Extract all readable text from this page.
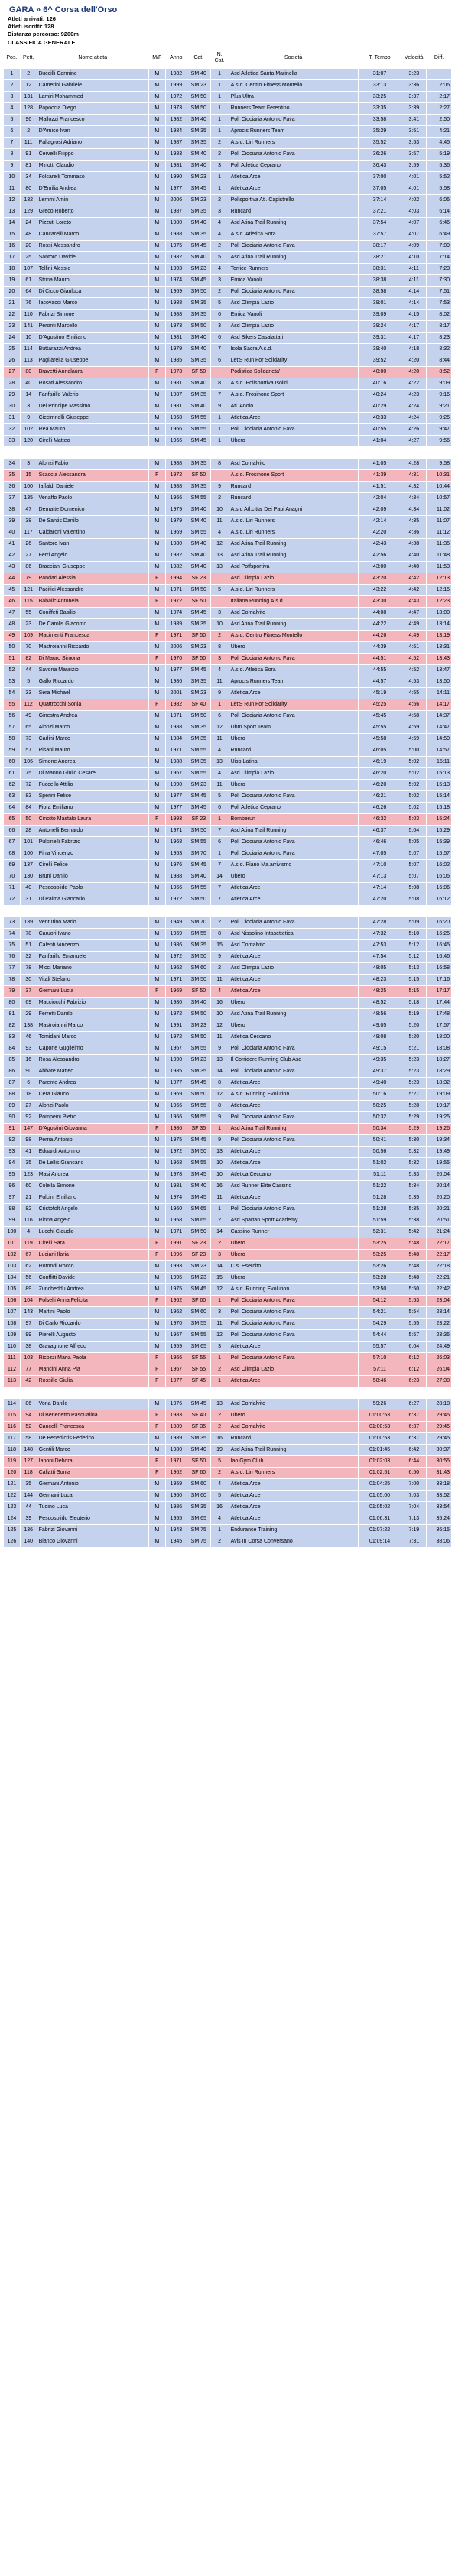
GARA » 6^ Corsa dell'Orso
Atleti arrivati: 126
Atleti iscritti: 128
Distanza percorso: 9200m
CLASSIFICA GENERALE
Pos.	Pett.	Nome atleta	M/F	Anno	Cat.	N. Cat.	Società	T. Tempo	Velocità	Diff.
1	2	Buccilli Carmine	M	1982	SM 40	1	Asd Atletica Santa Marinella	31:07	3:23	
2	12	Camerini Gabriele	M	1999	SM 23	1	A.s.d. Centro Fitness Montello	33:13	3:36	2:06
3	131	Lamiri Mohammed	M	1972	SM 50	1	Plus Ultra	33:25	3:37	2:17
4	128	Papoccia Diego	M	1973	SM 50	1	Runners Team Ferentino	33:35	3:39	2:27
5	96	Mallozzi Francesco	M	1982	SM 40	1	Pol. Ciociaria Antonio Fava	33:58	3:41	2:50
6	2	D'Amico Ivan	M	1984	SM 35	1	Aprocis Runners Team	35:29	3:51	4:21
7	111	Pallagrosi Adriano	M	1987	SM 35	2	A.s.d. Liri Runners	35:52	3:53	4:45
8	91	Cervelli Filippo	M	1983	SM 40	2	Pol. Ciociaria Antonio Fava	36:26	3:57	5:19
9	81	Minotti Claudio	M	1981	SM 40	3	Pol. Atletica Ceprano	36:43	3:59	5:36
10	34	Folcarelli Tommaso	M	1990	SM 23	1	Atletica Arce	37:00	4:01	5:52
11	80	D'Emilia Andrea	M	1977	SM 45	1	Atletica Arce	37:05	4:01	5:58
12	132	Lemmi Amin	M	2006	SM 23	2	Polisportiva Atl. Capistrello	37:14	4:02	6:06
13	129	Greco Roberto	M	1987	SM 35	3	Runcard	37:21	4:03	6:14
14	24	Pizzuti Loreto	M	1980	SM 40	4	Asd Atina Trail Running	37:54	4:07	6:46
15	48	Cancarelli Marco	M	1988	SM 35	4	A.s.d. Atletica Sora	37:57	4:07	6:49
16	20	Rossi Alessandro	M	1975	SM 45	2	Pol. Ciociaria Antonio Fava	38:17	4:09	7:09
17	25	Santoro Davide	M	1982	SM 40	5	Asd Atina Trail Running	38:21	4:10	7:14
18	107	Tellini Alessio	M	1993	SM 23	4	Torrice Runners	38:31	4:11	7:23
19	61	Strina Mauro	M	1974	SM 45	3	Ernica Vanoli	38:38	4:11	7:30
20	64	Di Cicco Gianluca	M	1969	SM 50	2	Pol. Ciociaria Antonio Fava	38:58	4:14	7:51
21	76	Iacovacci Marco	M	1988	SM 35	5	Asd Olimpia Lazio	39:01	4:14	7:53
22	110	Fabrizi Simone	M	1988	SM 35	6	Ernica Vanoli	39:09	4:15	8:02
23	141	Peronti Marcello	M	1973	SM 50	3	Asd Olimpia Lazio	39:24	4:17	8:17
24	10	D'Agostino Emiliano	M	1981	SM 40	6	Asd Bikers Casalattari	39:31	4:17	8:23
25	114	Buttarazzi Andrea	M	1979	SM 40	7	Isola Sacra A.s.d.	39:40	4:18	8:32
26	113	Pagliarella Giuseppe	M	1985	SM 35	6	Let'S Run For Solidarity	39:52	4:20	8:44
27	80	Bravetti Annalaura	F	1973	SF 50		Podistica Solidarieta'	40:00	4:20	8:52
28	40	Rosati Alessandro	M	1981	SM 40	8	A.s.d. Polisportiva Isoliri	40:16	4:22	9:09
29	14	Fanfarillo Valerio	M	1987	SM 35	7	A.s.d. Frosinone Sport	40:24	4:23	9:16
30	3	Del Principe Massimo	M	1981	SM 40	9	Atl. Anolo	40:29	4:24	9:21
31	9	Ciccimnelli Giuseppe	M	1968	SM 55	1	Atletica Arce	40:33	4:24	9:26
32	102	Rea Mauro	M	1966	SM 55	1	Pol. Ciociaria Antonio Fava	40:55	4:26	9:47
33	120	Cirelli Matteo	M	1966	SM 45	1	Ubero	41:04	4:27	9:56

34	3	Alonzi Fabio	M	1988	SM 35	8	Asd Corrialvito	41:05	4:28	9:58
35	15	Scaccia Alessandra	F	1972	SF 50		A.s.d. Frosinone Sport	41:39	4:31	10:31
36	100	Iaffaldi Daniele	M	1988	SM 35	9	Runcard	41:51	4:32	10:44
37	135	Venaffo Paolo	M	1966	SM 55	2	Runcard	42:04	4:34	10:57
38	47	Dematte Domenico	M	1979	SM 40	10	A.s.d Atl.citta' Dei Papi Anagni	42:09	4:34	11:02
39	38	De Santis Danilo	M	1979	SM 40	11	A.s.d. Liri Runners	42:14	4:35	11:07
40	117	Caldaroni Valentino	M	1969	SM 55	4	A.s.d. Liri Runners	42:20	4:36	11:12
41	26	Santoro Ivan	M	1980	SM 40	12	Asd Atina Trail Running	42:43	4:38	11:35
42	27	Ferri Angelo	M	1982	SM 40	13	Asd Atina Trail Running	42:56	4:40	11:48
43	86	Bracciani Giuseppe	M	1982	SM 40	13	Asd Poffsportiva	43:00	4:40	11:53
44	79	Pandari Alessia	F	1994	SF 23		Asd Olimpia Lazio	43:20	4:42	12:13
45	121	Pacifici Alessandro	M	1971	SM 50	5	A.s.d. Liri Runners	43:22	4:42	12:15
46	115	Babalic Antonela	F	1972	SF 50		Italiana Running A.s.d.	43:30	4:43	12:23
47	55	Coniffeti Basilio	M	1974	SM 45	3	Asd Corrialvito	44:08	4:47	13:00
48	23	De Carolis Giacomo	M	1989	SM 35	10	Asd Atina Trail Running	44:22	4:49	13:14
49	109	Macimenti Francesca	F	1971	SF 50	2	A.s.d. Centro Fitness Montello	44:26	4:49	13:19
50	70	Mastroianni Riccardo	M	2006	SM 23	8	Ubero	44:39	4:51	13:31
51	82	Di Mauro Simona	F	1970	SF 50	3	Pol. Ciociaria Antonio Fava	44:51	4:52	13:43
52	44	Savona Maurizio	M	1977	SM 45	4	A.s.d. Atletica Sora	44:55	4:52	13:47
53	5	Gallo Riccardo	M	1986	SM 35	11	Aprocis Runners Team	44:57	4:53	13:50
54	33	Sera Michael	M	2001	SM 23	9	Atletica Arce	45:19	4:55	14:11
55	112	Quattrocchi Sonia	F	1982	SF 40	1	Let'S Run For Solidarity	45:25	4:56	14:17
56	49	Ginestra Andrea	M	1971	SM 50	6	Pol. Ciociaria Antonio Fava	45:45	4:58	14:37
57	65	Alonzi Marco	M	1988	SM 35	12	Ubm Sport Team	45:55	4:59	14:47
58	73	Carlini Marco	M	1984	SM 35	11	Ubero	45:58	4:59	14:50
59	57	Pisani Mauro	M	1971	SM 55	4	Runcard	46:05	5:00	14:57
60	106	Simone Andrea	M	1988	SM 35	13	Uisp Latina	46:19	5:02	15:11
61	75	Di Manno Giulio Cesare	M	1967	SM 55	4	Asd Olimpia Lazio	46:20	5:02	15:13
62	72	Fuccello Attilio	M	1990	SM 23	11	Ubero	46:20	5:02	15:13
63	83	Sperini Felice	M	1977	SM 45	5	Pol. Ciociaria Antonio Fava	46:21	5:02	15:14
64	84	Fiora Emiliano	M	1977	SM 45	6	Pol. Atletica Ceprano	46:26	5:02	15:18
65	50	Cinotto Mastalo Laura	F	1993	SF 23	1	Bomberun	46:32	5:03	15:24
66	28	Antonelli Bernardo	M	1971	SM 50	7	Asd Atina Trail Running	46:37	5:04	15:29
67	101	Pulcinelli Fabrizio	M	1968	SM 55	6	Pol. Ciociaria Antonio Fava	46:46	5:05	15:39
68	100	Pirra Vincenzo	M	1953	SM 70	1	Pol. Ciociaria Antonio Fava	47:05	5:07	15:57
69	137	Cirelli Felice	M	1976	SM 45	7	A.s.d. Piano Ma.arrivismo	47:10	5:07	16:02
70	130	Bruni Danilo	M	1988	SM 40	14	Ubero	47:13	5:07	16:05
71	40	Pescosolido Paolo	M	1966	SM 55	7	Atletica Arce	47:14	5:08	16:06
72	31	Di Palma Giancarlo	M	1972	SM 50	7	Atletica Arce	47:20	5:08	16:12

73	139	Venturino Mario	M	1949	SM 70	2	Pol. Ciociaria Antonio Fava	47:28	5:09	16:20
74	78	Caruori Ivano	M	1969	SM 55	8	Asd Nissolino Intasettetica	47:32	5:10	16:25
75	51	Calenti Vincenzo	M	1986	SM 35	15	Asd Corrialvito	47:53	5:12	16:45
76	32	Fanfarillo Emanuele	M	1972	SM 50	9	Atletica Arce	47:54	5:12	16:46
77	78	Micci Mariano	M	1962	SM 60	2	Asd Olimpia Lazio	48:05	5:13	16:58
78	30	Vitali Stefano	M	1971	SM 50	11	Atletica Arce	48:23	5:15	17:16
79	37	Germani Lucia	F	1969	SF 50	4	Atletica Arce	48:25	5:15	17:17
80	69	Macciocchi Fabrizio	M	1980	SM 40	16	Ubero	48:52	5:18	17:44
81	29	Ferretti Danilo	M	1972	SM 50	10	Asd Atina Trail Running	48:56	5:19	17:48
82	138	Mastroianni Marco	M	1991	SM 23	12	Ubero	49:05	5:20	17:57
83	46	Tomidani Marco	M	1972	SM 50	11	Atletica Ceccano	49:08	5:20	18:00
84	93	Capone Guglielmo	M	1967	SM 55	9	Pol. Ciociaria Antonio Fava	49:15	5:21	18:08
85	16	Rosa Alessandro	M	1990	SM 23	13	Il Corridore Running Club Asd	49:35	5:23	18:27
86	90	Abbate Matteo	M	1985	SM 35	14	Pol. Ciociaria Antonio Fava	49:37	5:23	18:29
87	6	Parente Andrea	M	1977	SM 45	8	Atletica Arce	49:40	5:23	18:32
88	18	Cera Glauco	M	1969	SM 50	12	A.s.d. Running Evolution	50:16	5:27	19:09
89	27	Alonzi Paolo	M	1966	SM 55	8	Atletica Arce	50:25	5:28	19:17
90	92	Pompeini Pietro	M	1966	SM 55	9	Pol. Ciociaria Antonio Fava	50:32	5:29	19:25
91	147	D'Agostini Giovanna	F	1986	SF 35	1	Asd Atina Trail Running	50:34	5:29	19:26
92	98	Perna Antonio	M	1975	SM 45	9	Pol. Ciociaria Antonio Fava	50:41	5:30	19:34
93	41	Eduardi Antonino	M	1972	SM 50	13	Atletica Arce	50:56	5:32	19:49
94	35	De Lellis Giancarlo	M	1968	SM 55	10	Atletica Arce	51:02	5:32	19:55
95	123	Masi Andrea	M	1978	SM 45	10	Atletica Ceccano	51:11	5:33	20:04
96	60	Colella Simone	M	1981	SM 40	16	Asd Runner Elite Cassino	51:22	5:34	20:14
97	21	Pulcini Emiliano	M	1974	SM 45	11	Atletica Arce	51:28	5:35	20:20
98	82	Cristofolt Angelo	M	1960	SM 65	1	Pol. Ciociaria Antonio Fava	51:28	5:35	20:21
99	116	Rinna Angelo	M	1958	SM 65	2	Asd Spartan Sport Academy	51:59	5:38	20:51
100	4	Lucchi Claudio	M	1971	SM 50	14	Cassino Runner	52:31	5:42	21:24
101	119	Cirelli Sara	F	1991	SF 23	2	Ubero	53:25	5:48	22:17
102	67	Luciani Ilaria	F	1996	SF 23	3	Ubero	53:25	5:48	22:17
103	62	Rotondi Rocco	M	1993	SM 23	14	C.s. Esercito	53:26	5:48	22:18
104	56	Conffitti Davide	M	1995	SM 23	15	Ubero	53:28	5:48	22:21
105	89	Zuncheddu Andrea	M	1975	SM 45	12	A.s.d. Running Evolution	53:50	5:50	22:42
106	104	Polselli Anna Felicita	F	1962	SF 60	1	Pol. Ciociaria Antonio Fava	54:12	5:53	23:04
107	143	Martini Paolo	M	1962	SM 60	3	Pol. Ciociaria Antonio Fava	54:21	5:54	23:14
108	97	Di Carlo Riccardo	M	1970	SM 55	11	Pol. Ciociaria Antonio Fava	54:29	5:55	23:22
109	99	Pierelli Augusto	M	1967	SM 55	12	Pol. Ciociaria Antonio Fava	54:44	5:57	23:36
110	38	Gravagnone Alfredo	M	1959	SM 65	3	Atletica Arce	55:57	6:04	24:49
111	103	Ricozzi Maria Paola	F	1966	SF 55	1	Pol. Ciociaria Antonio Fava	57:10	6:12	26:03
112	77	Mancini Anna Pia	F	1967	SF 55	2	Asd Olimpia Lazio	57:11	6:12	26:04
113	42	Rossillo Giulia	F	1977	SF 45	1	Atletica Arce	58:46	6:23	27:38

114	86	Vona Danilo	M	1976	SM 45	13	Asd Corrialvito	59:26	6:27	28:18
115	94	Di Benedetto Pasqualina	F	1983	SF 40	2	Ubero	01:00:53	6:37	29:45
116	52	Cancelli Francesca	F	1989	SF 35	2	Asd Corrialvito	01:00:53	6:37	29:45
117	58	De Benedictis Federico	M	1989	SM 35	16	Runcard	01:00:53	6:37	29:45
118	148	Gentili Marco	M	1980	SM 40	19	Asd Atina Trail Running	01:01:45	6:42	30:37
119	127	Iaboni Debora	F	1971	SF 50	5	Iao Gym Club	01:02:03	6:44	30:55
120	118	Caliatti Sonia	F	1962	SF 60	2	A.s.d. Liri Runners	01:02:51	6:50	31:43
121	35	Germani Antonio	M	1959	SM 60	4	Atletica Arce	01:04:25	7:00	33:18
122	144	Germani Luca	M	1960	SM 60	5	Atletica Arce	01:05:00	7:03	33:52
123	44	Tudino Luca	M	1986	SM 35	16	Atletica Arce	01:05:02	7:04	33:54
124	39	Pescosolido Eleuterio	M	1955	SM 65	4	Atletica Arce	01:06:31	7:13	35:24
125	136	Fabrizi Giovanni	M	1943	SM 75	1	Endurance Training	01:07:22	7:19	36:15
126	140	Bianco Giovanni	M	1945	SM 75	2	Avis In Corsa Conversano	01:09:14	7:31	38:06
